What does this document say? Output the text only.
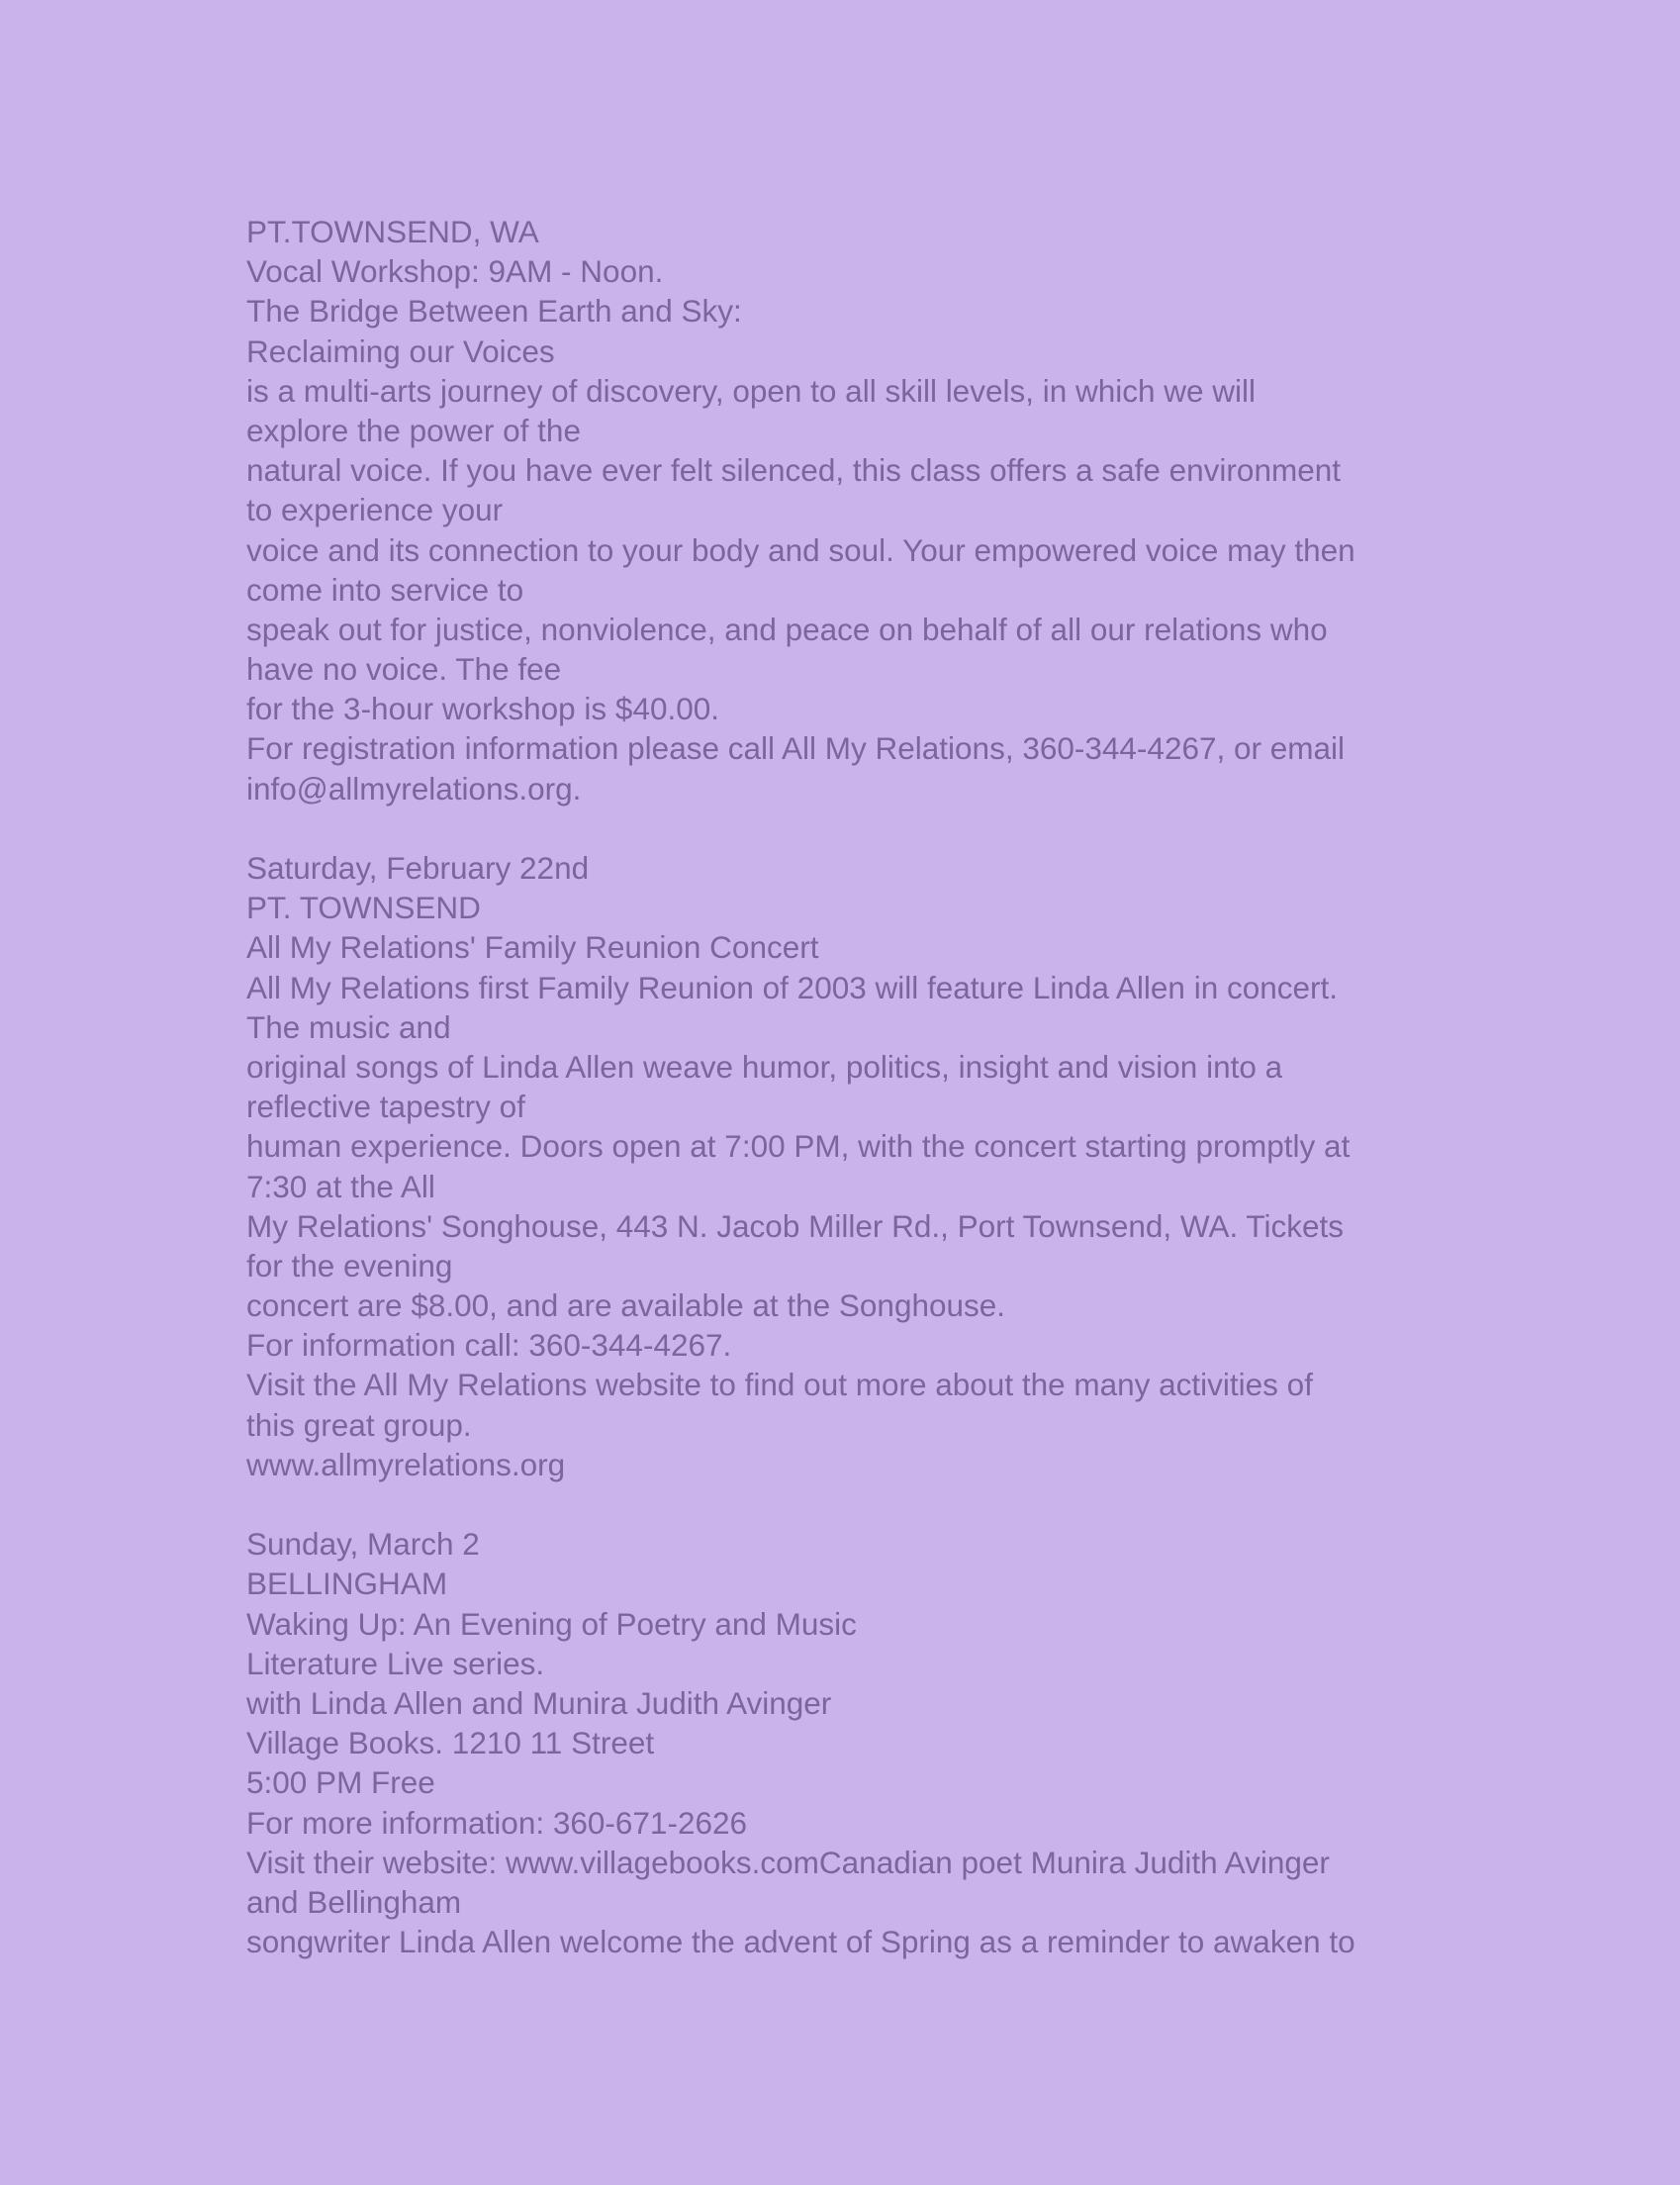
PT.TOWNSEND, WA
Vocal Workshop: 9AM - Noon.
The Bridge Between Earth and Sky:
Reclaiming our Voices
is a multi-arts journey of discovery, open to all skill levels, in which we will
explore the power of the
natural voice. If you have ever felt silenced, this class offers a safe environment
to experience your
voice and its connection to your body and soul. Your empowered voice may then
come into service to
speak out for justice, nonviolence, and peace on behalf of all our relations who
have no voice. The fee
for the 3-hour workshop is $40.00.
For registration information please call All My Relations, 360-344-4267, or email
info@allmyrelations.org.
Saturday, February 22nd
PT. TOWNSEND
All My Relations' Family Reunion Concert
All My Relations first Family Reunion of 2003 will feature Linda Allen in concert.
The music and
original songs of Linda Allen weave humor, politics, insight and vision into a
reflective tapestry of
human experience. Doors open at 7:00 PM, with the concert starting promptly at
7:30 at the All
My Relations' Songhouse, 443 N. Jacob Miller Rd., Port Townsend, WA. Tickets
for the evening
concert are $8.00, and are available at the Songhouse.
For information call: 360-344-4267.
Visit the All My Relations website to find out more about the many activities of
this great group.
www.allmyrelations.org
Sunday, March 2
BELLINGHAM
Waking Up: An Evening of Poetry and Music
Literature Live series.
with Linda Allen and Munira Judith Avinger
Village Books. 1210 11 Street
5:00 PM Free
For more information: 360-671-2626
Visit their website: www.villagebooks.comCanadian poet Munira Judith Avinger
and Bellingham
songwriter Linda Allen welcome the advent of Spring as a reminder to awaken to
